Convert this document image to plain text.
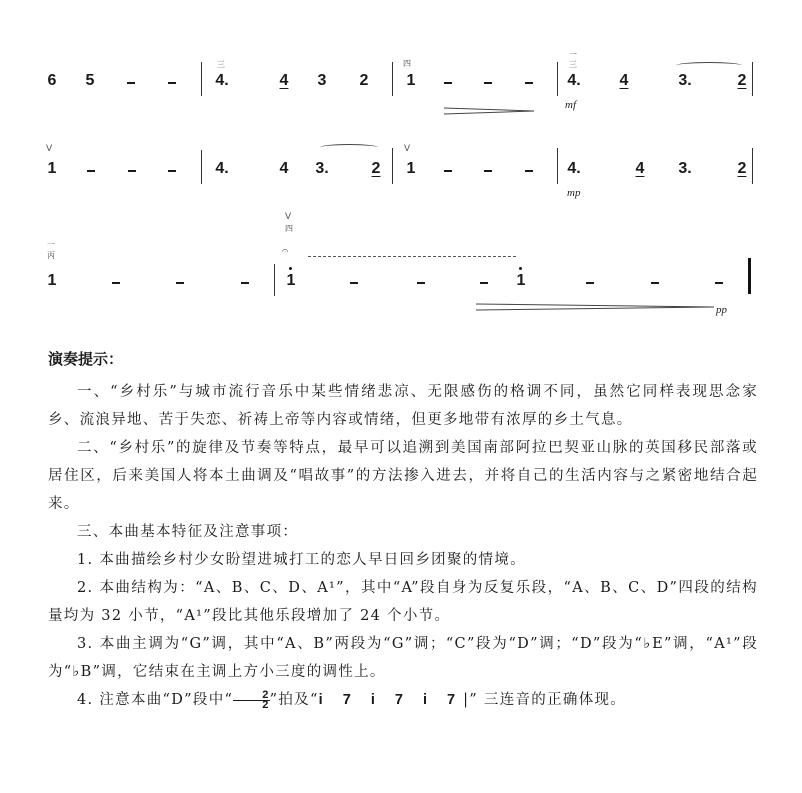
6 5	4.	4 3 2 1	4. 4	3.	2
三	四
一
三
mf
1	4.	4 3.	2 1	4.	4 3.	2
V	V
mp
1	1	1
一
丙
四
V
pp
𝄐
演奏提示：

一、“乡村乐”与城市流行音乐中某些情绪悲凉、无限感伤的格调不同，虽然它同样表现思念家乡、流浪异地、苦于失恋、祈祷上帝等内容或情绪，但更多地带有浓厚的乡土气息。

二、“乡村乐”的旋律及节奏等特点，最早可以追溯到美国南部阿拉巴契亚山脉的英国移民部落或居住区，后来美国人将本土曲调及“唱故事”的方法掺入进去，并将自己的生活内容与之紧密地结合起来。

三、本曲基本特征及注意事项：

1. 本曲描绘乡村少女盼望进城打工的恋人早日回乡团聚的情境。

2. 本曲结构为：“A、B、C、D、A¹”，其中“A”段自身为反复乐段，“A、B、C、D”四段的结构量均为 32 小节，“A¹”段比其他乐段增加了 24 个小节。

3. 本曲主调为“G”调，其中“A、B”两段为“G”调；“C”段为“D”调；“D”段为“♭E”调，“A¹”段为“♭B”调，它结束在主调上方小三度的调性上。

4. 注意本曲“D”段中“ $\frac{2}{2}$ ”拍及“i 7 i 7 i 7|” 三连音的正确体现。
